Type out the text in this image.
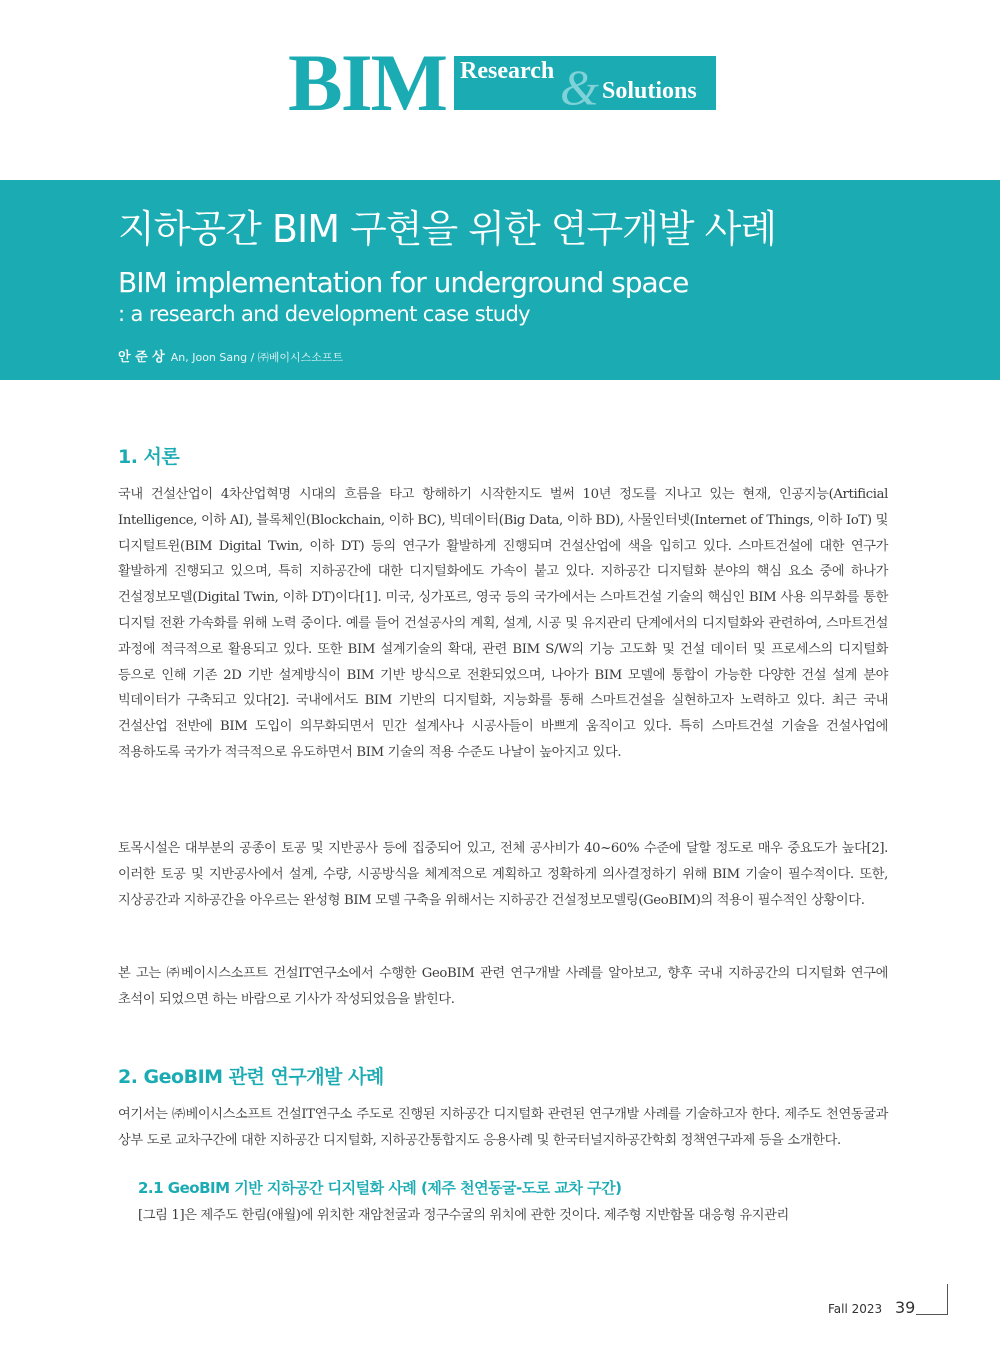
BIM Research & Solutions
지하공간 BIM 구현을 위한 연구개발 사례
BIM implementation for underground space
: a research and development case study
안 준 상 An, Joon Sang / ㈜베이시스소프트
1. 서론

국내 건설산업이 4차산업혁명 시대의 흐름을 타고 항해하기 시작한지도 벌써 10년 정도를 지나고 있는 현재, 인공지능(Artificial Intelligence, 이하 AI), 블록체인(Blockchain, 이하 BC), 빅데이터(Big Data, 이하 BD), 사물인터넷(Internet of Things, 이하 IoT) 및 디지털트윈(BIM Digital Twin, 이하 DT) 등의 연구가 활발하게 진행되며 건설산업에 색을 입히고 있다. 스마트건설에 대한 연구가 활발하게 진행되고 있으며, 특히 지하공간에 대한 디지털화에도 가속이 붙고 있다. 지하공간 디지털화 분야의 핵심 요소 중에 하나가 건설정보모델(Digital Twin, 이하 DT)이다[1]. 미국, 싱가포르, 영국 등의 국가에서는 스마트건설 기술의 핵심인 BIM 사용 의무화를 통한 디지털 전환 가속화를 위해 노력 중이다. 예를 들어 건설공사의 계획, 설계, 시공 및 유지관리 단계에서의 디지털화와 관련하여, 스마트건설 과정에 적극적으로 활용되고 있다. 또한 BIM 설계기술의 확대, 관련 BIM S/W의 기능 고도화 및 건설 데이터 및 프로세스의 디지털화 등으로 인해 기존 2D 기반 설계방식이 BIM 기반 방식으로 전환되었으며, 나아가 BIM 모델에 통합이 가능한 다양한 건설 설계 분야 빅데이터가 구축되고 있다[2]. 국내에서도 BIM 기반의 디지털화, 지능화를 통해 스마트건설을 실현하고자 노력하고 있다. 최근 국내 건설산업 전반에 BIM 도입이 의무화되면서 민간 설계사나 시공사들이 바쁘게 움직이고 있다. 특히 스마트건설 기술을 건설사업에 적용하도록 국가가 적극적으로 유도하면서 BIM 기술의 적용 수준도 나날이 높아지고 있다.

토목시설은 대부분의 공종이 토공 및 지반공사 등에 집중되어 있고, 전체 공사비가 40~60% 수준에 달할 정도로 매우 중요도가 높다[2]. 이러한 토공 및 지반공사에서 설계, 수량, 시공방식을 체계적으로 계획하고 정확하게 의사결정하기 위해 BIM 기술이 필수적이다. 또한, 지상공간과 지하공간을 아우르는 완성형 BIM 모델 구축을 위해서는 지하공간 건설정보모델링(GeoBIM)의 적용이 필수적인 상황이다.

본 고는 ㈜베이시스소프트 건설IT연구소에서 수행한 GeoBIM 관련 연구개발 사례를 알아보고, 향후 국내 지하공간의 디지털화 연구에 초석이 되었으면 하는 바람으로 기사가 작성되었음을 밝힌다.

2. GeoBIM 관련 연구개발 사례

여기서는 ㈜베이시스소프트 건설IT연구소 주도로 진행된 지하공간 디지털화 관련된 연구개발 사례를 기술하고자 한다. 제주도 천연동굴과 상부 도로 교차구간에 대한 지하공간 디지털화, 지하공간통합지도 응용사례 및 한국터널지하공간학회 정책연구과제 등을 소개한다.

2.1 GeoBIM 기반 지하공간 디지털화 사례 (제주 천연동굴-도로 교차 구간)

[그림 1]은 제주도 한림(애월)에 위치한 재암천굴과 정구수굴의 위치에 관한 것이다. 제주형 지반함몰 대응형 유지관리

Fall 2023 39
